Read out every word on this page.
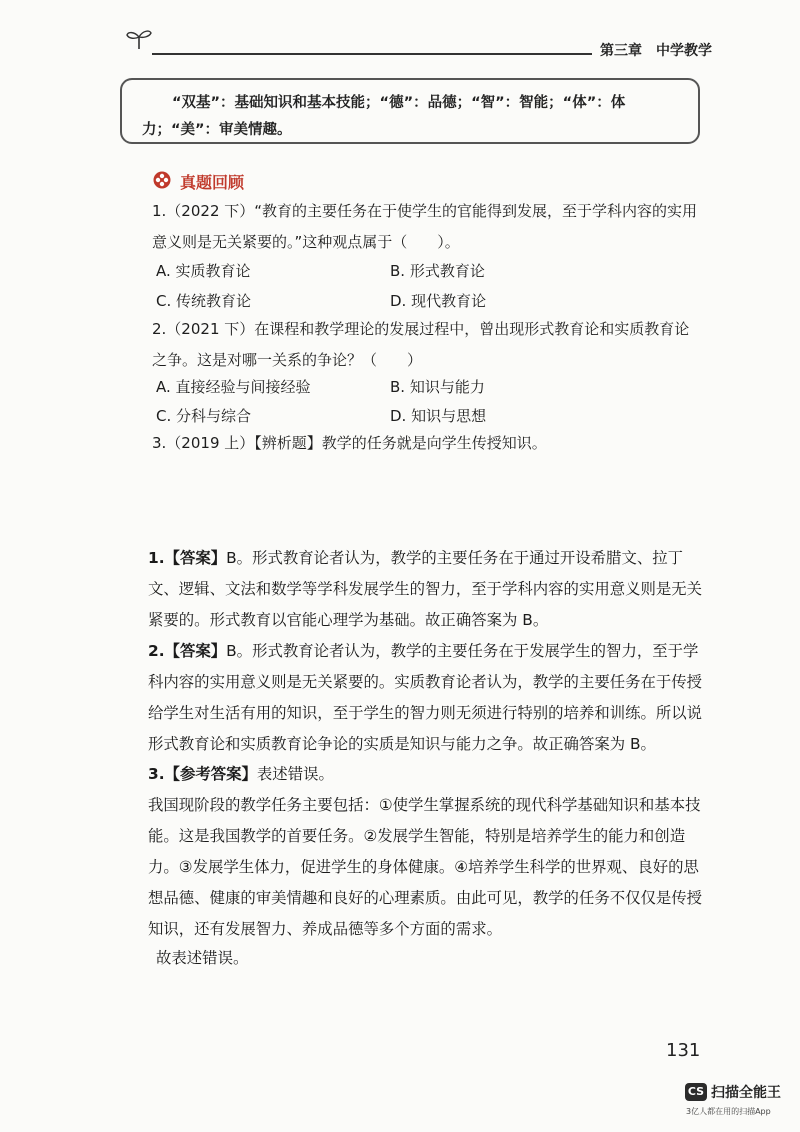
第三章 中学教学
“双基”：基础知识和基本技能；“德”：品德；“智”：智能；“体”：体力；“美”：审美情趣。
真题回顾
1.（2022 下）“教育的主要任务在于使学生的官能得到发展，至于学科内容的实用意义则是无关紧要的。”这种观点属于（　　）。
A. 实质教育论	B. 形式教育论
C. 传统教育论	D. 现代教育论
2.（2021 下）在课程和教学理论的发展过程中，曾出现形式教育论和实质教育论之争。这是对哪一关系的争论？（　　）
A. 直接经验与间接经验	B. 知识与能力
C. 分科与综合	D. 知识与思想
3.（2019 上）【辨析题】教学的任务就是向学生传授知识。
1.【答案】B。形式教育论者认为，教学的主要任务在于通过开设希腊文、拉丁文、逻辑、文法和数学等学科发展学生的智力，至于学科内容的实用意义则是无关紧要的。形式教育以官能心理学为基础。故正确答案为 B。
2.【答案】B。形式教育论者认为，教学的主要任务在于发展学生的智力，至于学科内容的实用意义则是无关紧要的。实质教育论者认为，教学的主要任务在于传授给学生对生活有用的知识，至于学生的智力则无须进行特别的培养和训练。所以说形式教育论和实质教育论争论的实质是知识与能力之争。故正确答案为 B。
3.【参考答案】表述错误。
我国现阶段的教学任务主要包括：①使学生掌握系统的现代科学基础知识和基本技能。这是我国教学的首要任务。②发展学生智能，特别是培养学生的能力和创造力。③发展学生体力，促进学生的身体健康。④培养学生科学的世界观、良好的思想品德、健康的审美情趣和良好的心理素质。由此可见，教学的任务不仅仅是传授知识，还有发展智力、养成品德等多个方面的需求。
故表述错误。
131
CS 扫描全能王
3亿人都在用的扫描App
